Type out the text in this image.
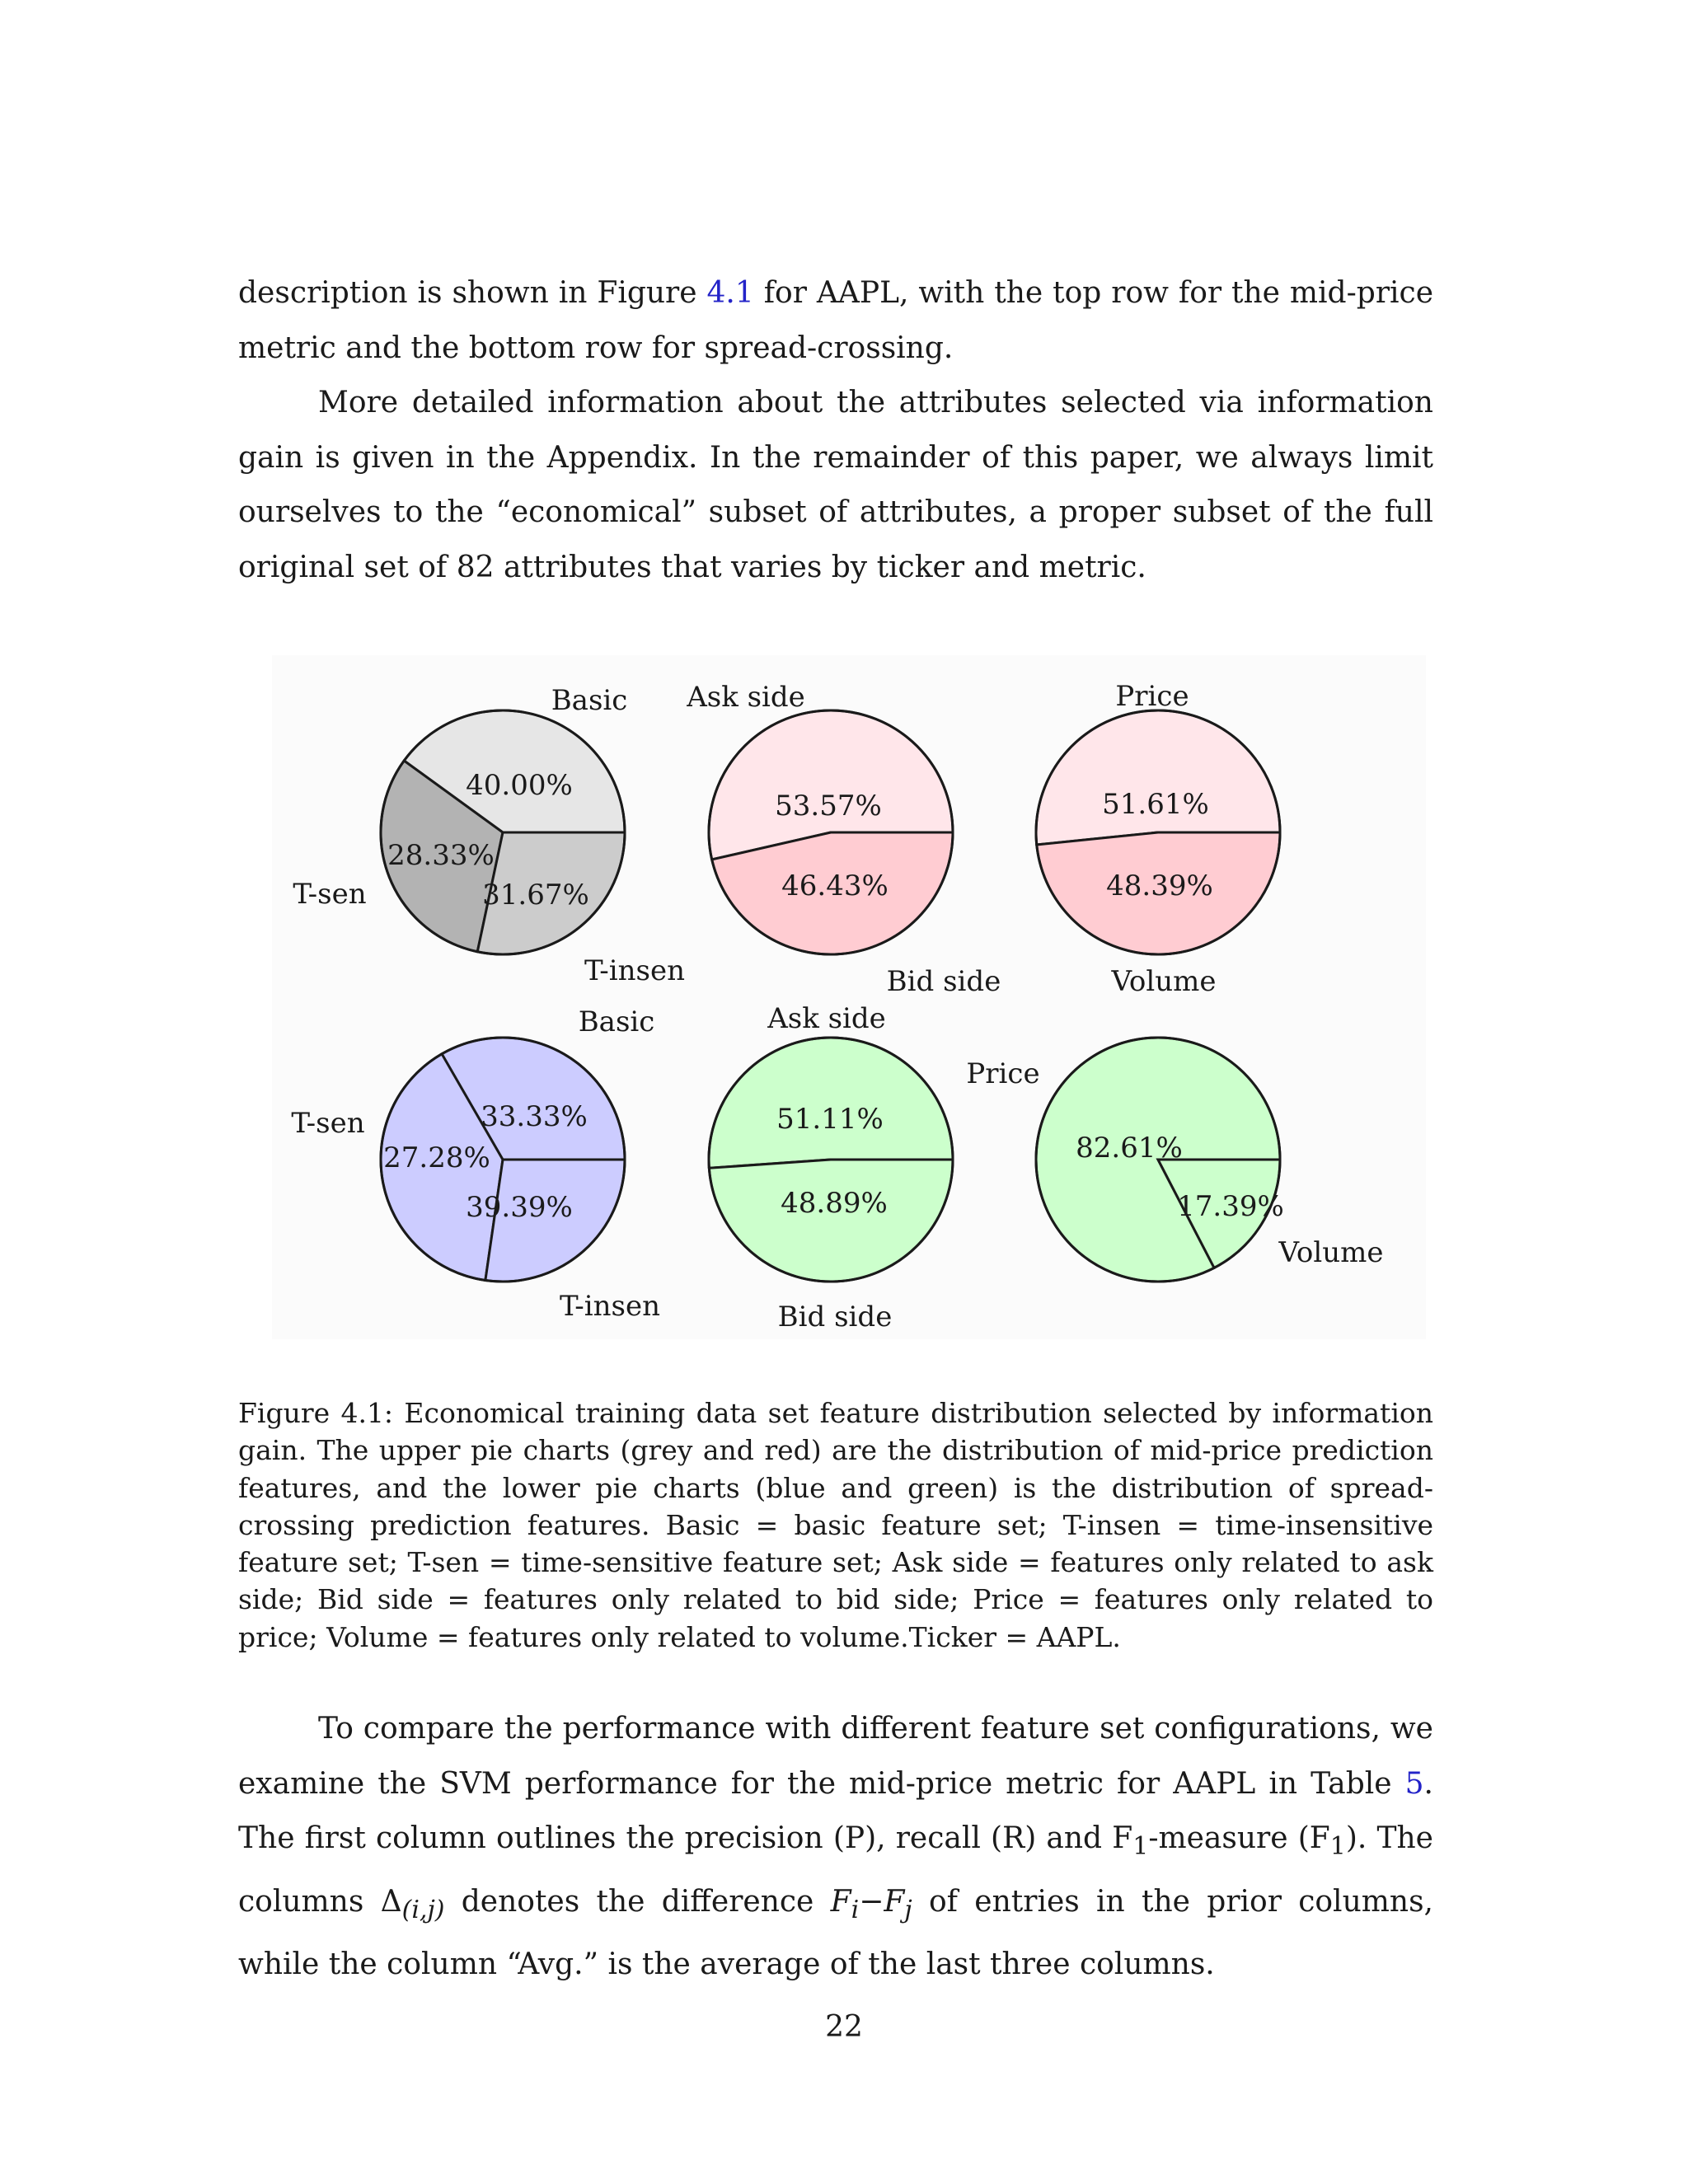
description is shown in Figure 4.1 for AAPL, with the top row for the mid-price metric and the bottom row for spread-crossing.

More detailed information about the attributes selected via information gain is given in the Appendix. In the remainder of this paper, we always limit ourselves to the “economical” subset of attributes, a proper subset of the full original set of 82 attributes that varies by ticker and metric.

40.00%
31.67%
28.33%
Basic
T-insen
T-sen
53.57%
46.43%
Ask side
Bid side
51.61%
48.39%
Price
Volume
33.33%
39.39%
27.28%
Basic
T-insen
T-sen	51.11%
48.89%
Ask side
Bid side
82.61%
17.39%
Price
Volume

Figure 4.1: Economical training data set feature distribution selected by information gain. The upper pie charts (grey and red) are the distribution of mid-price prediction features, and the lower pie charts (blue and green) is the distribution of spread-crossing prediction features. Basic = basic feature set; T-insen = time-insensitive feature set; T-sen = time-sensitive feature set; Ask side = features only related to ask side; Bid side = features only related to bid side; Price = features only related to price; Volume = features only related to volume.Ticker = AAPL.

To compare the performance with different feature set configurations, we examine the SVM performance for the mid-price metric for AAPL in Table 5. The first column outlines the precision (P), recall (R) and $F_1$-measure $(F_1)$. The columns $\Delta_{(i,j)}$ denotes the difference $F_i-F_j$ of entries in the prior columns, while the column “Avg.” is the average of the last three columns.

22
